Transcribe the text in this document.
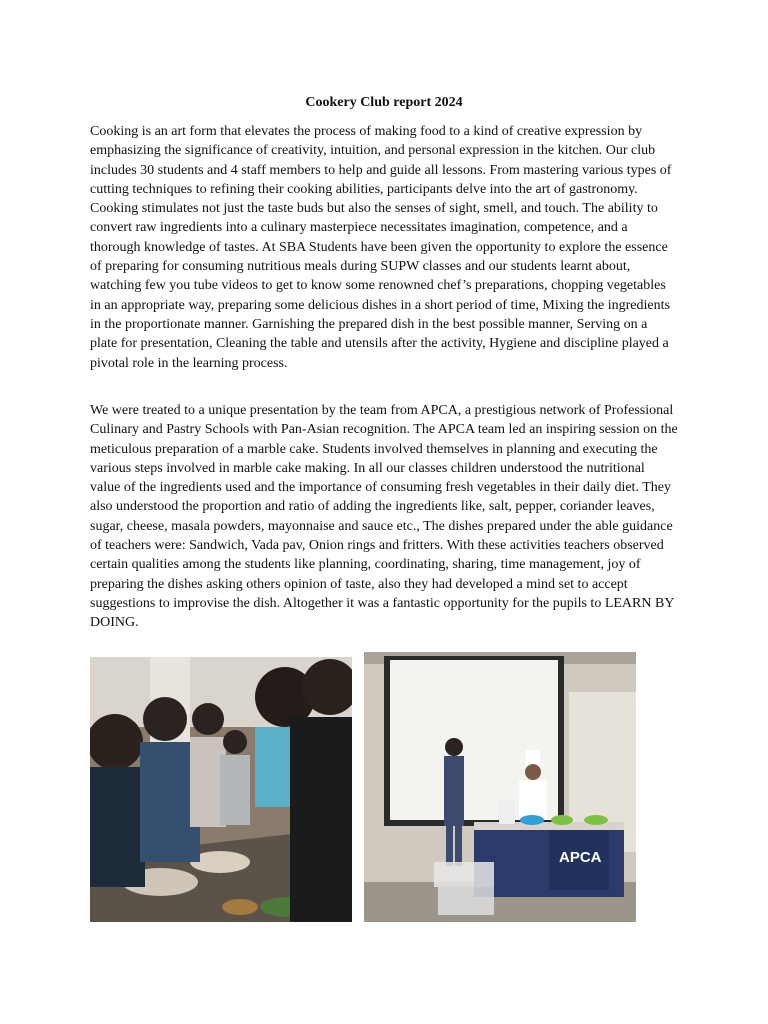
Cookery Club report 2024

Cooking is an art form that elevates the process of making food to a kind of creative expression by emphasizing the significance of creativity, intuition, and personal expression in the kitchen. Our club includes 30 students and 4 staff members to help and guide all lessons. From mastering various types of cutting techniques to refining their cooking abilities, participants delve into the art of gastronomy. Cooking stimulates not just the taste buds but also the senses of sight, smell, and touch. The ability to convert raw ingredients into a culinary masterpiece necessitates imagination, competence, and a thorough knowledge of tastes. At SBA Students have been given the opportunity to explore the essence of preparing for consuming nutritious meals during SUPW classes and our students learnt about, watching few you tube videos to get to know some renowned chef’s preparations, chopping vegetables in an appropriate way, preparing some delicious dishes in a short period of time, Mixing the ingredients in the proportionate manner. Garnishing the prepared dish in the best possible manner, Serving on a plate for presentation, Cleaning the table and utensils after the activity, Hygiene and discipline played a pivotal role in the learning process.

We were treated to a unique presentation by the team from APCA, a prestigious network of Professional Culinary and Pastry Schools with Pan-Asian recognition. The APCA team led an inspiring session on the meticulous preparation of a marble cake. Students involved themselves in planning and executing the various steps involved in marble cake making. In all our classes children understood the nutritional value of the ingredients used and the importance of consuming fresh vegetables in their daily diet. They also understood the proportion and ratio of adding the ingredients like, salt, pepper, coriander leaves, sugar, cheese, masala powders, mayonnaise and sauce etc., The dishes prepared under the able guidance of teachers were: Sandwich, Vada pav, Onion rings and fritters. With these activities teachers observed certain qualities among the students like planning, coordinating, sharing, time management, joy of preparing the dishes asking others opinion of taste, also they had developed a mind set to accept suggestions to improvise the dish. Altogether it was a fantastic opportunity for the pupils to LEARN BY DOING.

APCA
